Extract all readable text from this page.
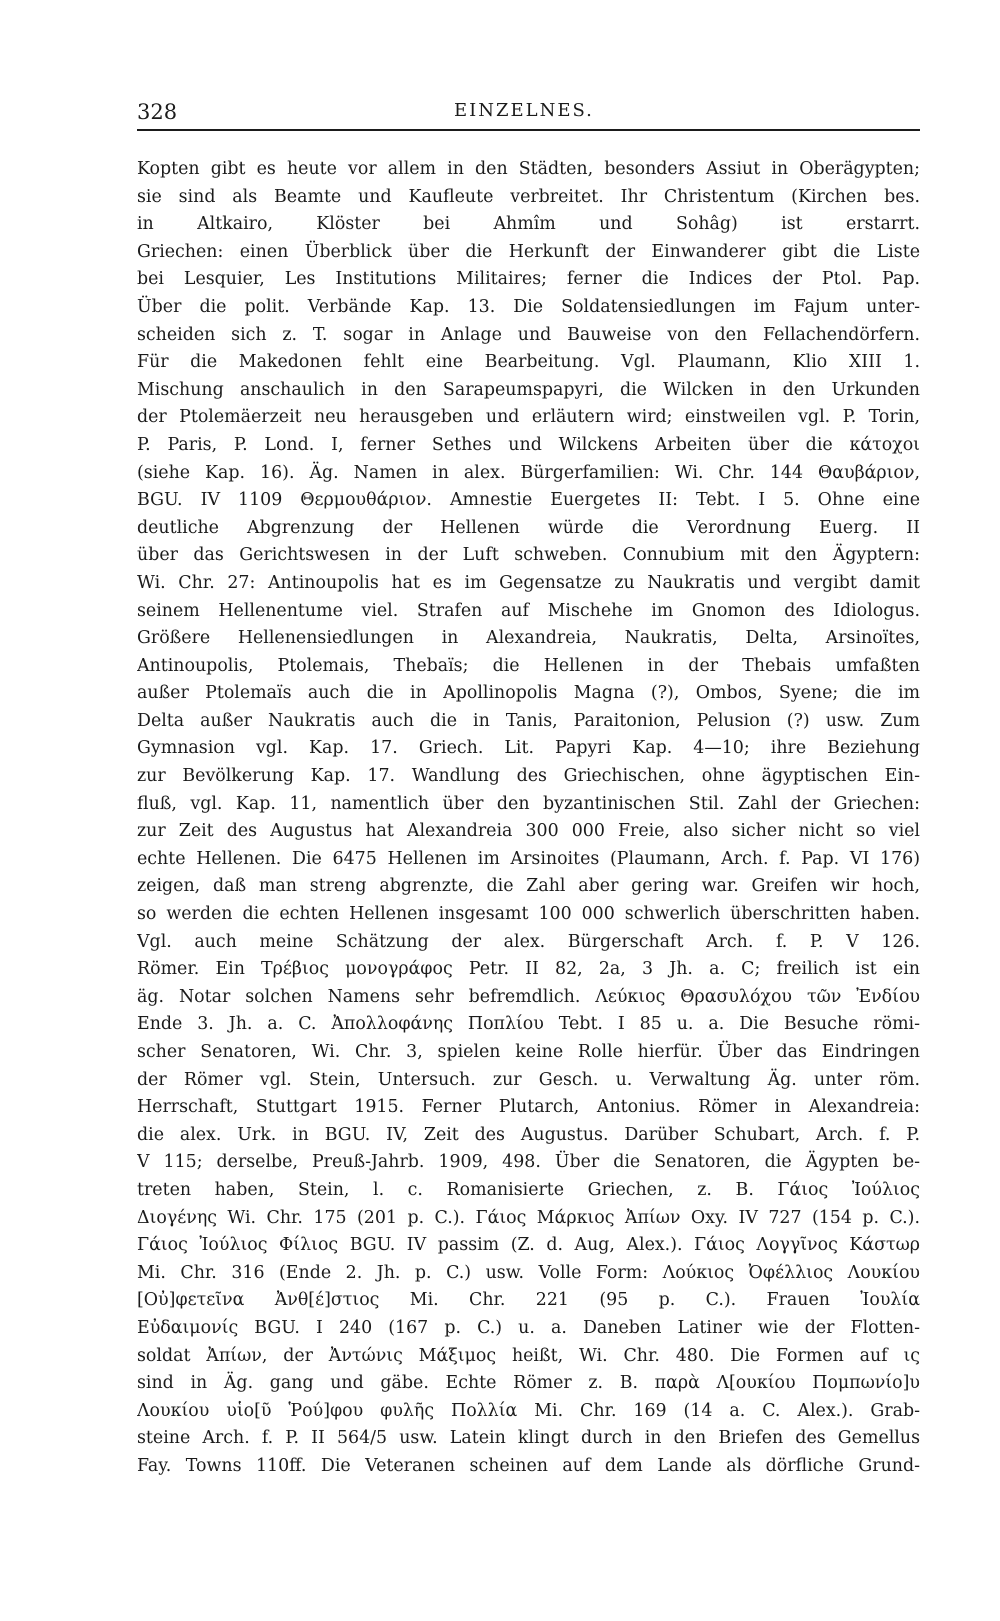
328	EINZELNES.
Kopten gibt es heute vor allem in den Städten, besonders Assiut in Oberägypten;
sie sind als Beamte und Kaufleute verbreitet. Ihr Christentum (Kirchen bes.
in Altkairo, Klöster bei Ahmîm und Sohâg) ist erstarrt.
Griechen: einen Überblick über die Herkunft der Einwanderer gibt die Liste
bei Lesquier, Les Institutions Militaires; ferner die Indices der Ptol. Pap.
Über die polit. Verbände Kap. 13. Die Soldatensiedlungen im Fajum unter-
scheiden sich z. T. sogar in Anlage und Bauweise von den Fellachendörfern.
Für die Makedonen fehlt eine Bearbeitung. Vgl. Plaumann, Klio XIII 1.
Mischung anschaulich in den Sarapeumspapyri, die Wilcken in den Urkunden
der Ptolemäerzeit neu herausgeben und erläutern wird; einstweilen vgl. P. Torin,
P. Paris, P. Lond. I, ferner Sethes und Wilckens Arbeiten über die κάτοχοι
(siehe Kap. 16). Äg. Namen in alex. Bürgerfamilien: Wi. Chr. 144 Θαυβάριον,
BGU. IV 1109 Θερμουθάριον. Amnestie Euergetes II: Tebt. I 5. Ohne eine
deutliche Abgrenzung der Hellenen würde die Verordnung Euerg. II
über das Gerichtswesen in der Luft schweben. Connubium mit den Ägyptern:
Wi. Chr. 27: Antinoupolis hat es im Gegensatze zu Naukratis und vergibt damit
seinem Hellenentume viel. Strafen auf Mischehe im Gnomon des Idiologus.
Größere Hellenensiedlungen in Alexandreia, Naukratis, Delta, Arsinoïtes,
Antinoupolis, Ptolemais, Thebaïs; die Hellenen in der Thebais umfaßten
außer Ptolemaïs auch die in Apollinopolis Magna (?), Ombos, Syene; die im
Delta außer Naukratis auch die in Tanis, Paraitonion, Pelusion (?) usw. Zum
Gymnasion vgl. Kap. 17. Griech. Lit. Papyri Kap. 4—10; ihre Beziehung
zur Bevölkerung Kap. 17. Wandlung des Griechischen, ohne ägyptischen Ein-
fluß, vgl. Kap. 11, namentlich über den byzantinischen Stil. Zahl der Griechen:
zur Zeit des Augustus hat Alexandreia 300 000 Freie, also sicher nicht so viel
echte Hellenen. Die 6475 Hellenen im Arsinoites (Plaumann, Arch. f. Pap. VI 176)
zeigen, daß man streng abgrenzte, die Zahl aber gering war. Greifen wir hoch,
so werden die echten Hellenen insgesamt 100 000 schwerlich überschritten haben.
Vgl. auch meine Schätzung der alex. Bürgerschaft Arch. f. P. V 126.
Römer. Ein Τρέβιος μονογράφος Petr. II 82, 2a, 3 Jh. a. C; freilich ist ein
äg. Notar solchen Namens sehr befremdlich. Λεύκιος Θρασυλόχου τῶν Ἐνδίου
Ende 3. Jh. a. C. Ἀπολλοφάνης Ποπλίου Tebt. I 85 u. a. Die Besuche römi-
scher Senatoren, Wi. Chr. 3, spielen keine Rolle hierfür. Über das Eindringen
der Römer vgl. Stein, Untersuch. zur Gesch. u. Verwaltung Äg. unter röm.
Herrschaft, Stuttgart 1915. Ferner Plutarch, Antonius. Römer in Alexandreia:
die alex. Urk. in BGU. IV, Zeit des Augustus. Darüber Schubart, Arch. f. P.
V 115; derselbe, Preuß-Jahrb. 1909, 498. Über die Senatoren, die Ägypten be-
treten haben, Stein, l. c. Romanisierte Griechen, z. B. Γάιος Ἰούλιος
Διογένης Wi. Chr. 175 (201 p. C.). Γάιος Μάρκιος Ἀπίων Oxy. IV 727 (154 p. C.).
Γάιος Ἰούλιος Φίλιος BGU. IV passim (Z. d. Aug, Alex.). Γάιος Λογγῖνος Κάστωρ
Mi. Chr. 316 (Ende 2. Jh. p. C.) usw. Volle Form: Λούκιος Ὀφέλλιος Λουκίου
[Οὐ]φετεῖνα Ἀνθ[έ]στιος Mi. Chr. 221 (95 p. C.). Frauen Ἰουλία
Εὐδαιμονίς BGU. I 240 (167 p. C.) u. a. Daneben Latiner wie der Flotten-
soldat Ἀπίων, der Ἀντώνις Μάξιμος heißt, Wi. Chr. 480. Die Formen auf ις
sind in Äg. gang und gäbe. Echte Römer z. B. παρὰ Λ[ουκίου Πομπωνίο]υ
Λουκίου υἱο[ῦ Ῥού]φου φυλῆς Πολλία Mi. Chr. 169 (14 a. C. Alex.). Grab-
steine Arch. f. P. II 564/5 usw. Latein klingt durch in den Briefen des Gemellus
Fay. Towns 110ff. Die Veteranen scheinen auf dem Lande als dörfliche Grund-
